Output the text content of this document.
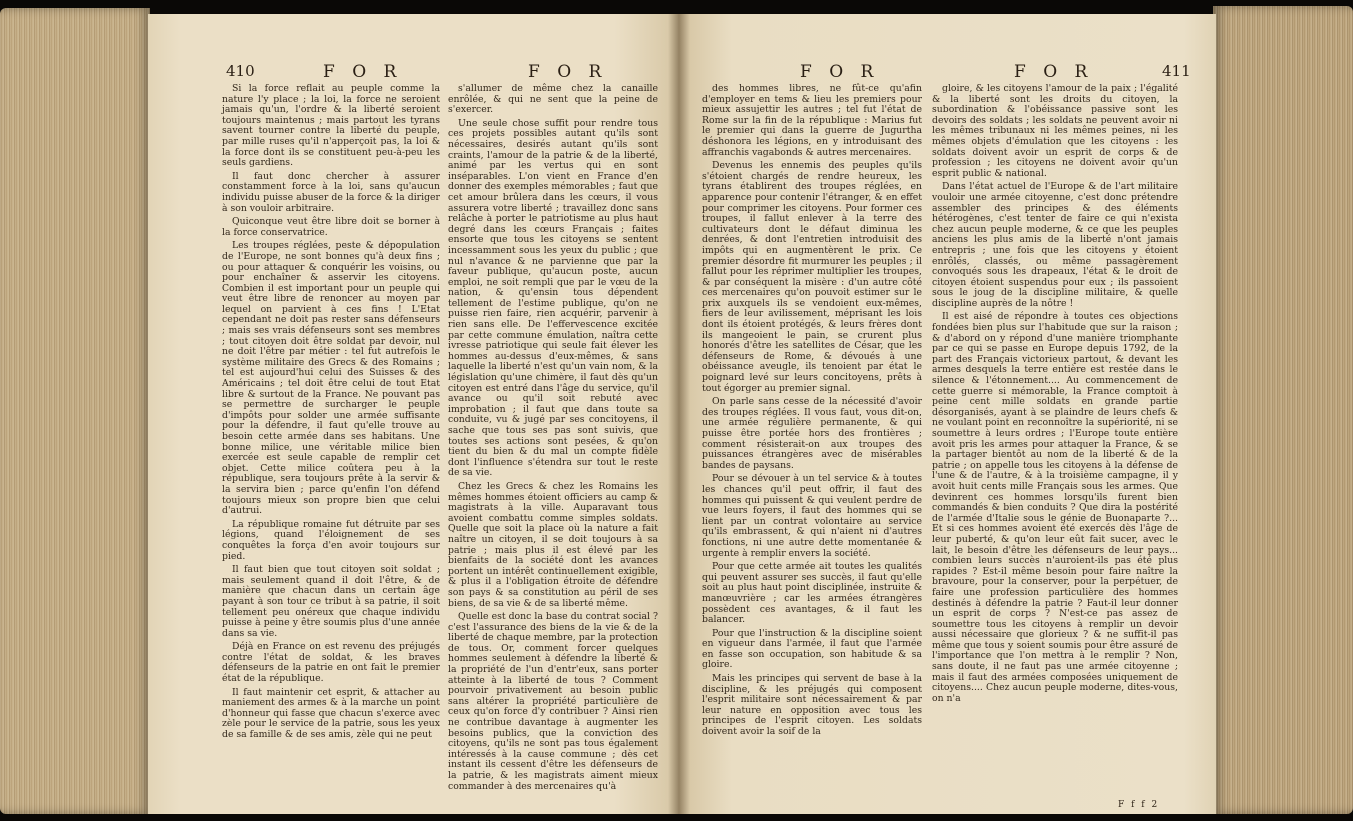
410	F O R	F O R

Si la force reflait au peuple comme la nature l'y place ; la loi, la force ne seroient jamais qu'un, l'ordre & la liberté seroient toujours maintenus ; mais partout les tyrans savent tourner contre la liberté du peuple, par mille ruses qu'il n'apperçoit pas, la loi & la force dont ils se constituent peu-à-peu les seuls gardiens.

Il faut donc chercher à assurer constamment force à la loi, sans qu'aucun individu puisse abuser de la force & la diriger à son vouloir arbitraire.

Quiconque veut être libre doit se borner à la force conservatrice.

Les troupes réglées, peste & dépopulation de l'Europe, ne sont bonnes qu'à deux fins ; ou pour attaquer & conquérir les voisins, ou pour enchaîner & asservir les citoyens. Combien il est important pour un peuple qui veut être libre de renoncer au moyen par lequel on parvient à ces fins ! L'Etat cependant ne doit pas rester sans défenseurs ; mais ses vrais défenseurs sont ses membres ; tout citoyen doit être soldat par devoir, nul ne doit l'être par métier : tel fut autrefois le système militaire des Grecs & des Romains ; tel est aujourd'hui celui des Suisses & des Américains ; tel doit être celui de tout Etat libre & surtout de la France. Ne pouvant pas se permettre de surcharger le peuple d'impôts pour solder une armée suffisante pour la défendre, il faut qu'elle trouve au besoin cette armée dans ses habitans. Une bonne milice, une véritable milice bien exercée est seule capable de remplir cet objet. Cette milice coûtera peu à la république, sera toujours prête à la servir & la servira bien ; parce qu'enfin l'on défend toujours mieux son propre bien que celui d'autrui.

La république romaine fut détruite par ses légions, quand l'éloignement de ses conquêtes la força d'en avoir toujours sur pied.

Il faut bien que tout citoyen soit soldat ; mais seulement quand il doit l'être, & de manière que chacun dans un certain âge payant à son tour ce tribut à sa patrie, il soit tellement peu onéreux que chaque individu puisse à peine y être soumis plus d'une année dans sa vie.

Déjà en France on est revenu des préjugés contre l'état de soldat, & les braves défenseurs de la patrie en ont fait le premier état de la république.

Il faut maintenir cet esprit, & attacher au maniement des armes & à la marche un point d'honneur qui fasse que chacun s'exerce avec zèle pour le service de la patrie, sous les yeux de sa famille & de ses amis, zèle qui ne peut

s'allumer de même chez la canaille enrôlée, & qui ne sent que la peine de s'exercer.

Une seule chose suffit pour rendre tous ces projets possibles autant qu'ils sont nécessaires, desirés autant qu'ils sont craints, l'amour de la patrie & de la liberté, animé par les vertus qui en sont inséparables. L'on vient en France d'en donner des exemples mémorables ; faut que cet amour brûlera dans les cœurs, il vous assurera votre liberté ; travaillez donc sans relâche à porter le patriotisme au plus haut degré dans les cœurs Français ; faites ensorte que tous les citoyens se sentent incessamment sous les yeux du public ; que nul n'avance & ne parvienne que par la faveur publique, qu'aucun poste, aucun emploi, ne soit rempli que par le vœu de la nation, & qu'ensin tous dépendent tellement de l'estime publique, qu'on ne puisse rien faire, rien acquérir, parvenir à rien sans elle. De l'effervescence excitée par cette commune émulation, naîtra cette ivresse patriotique qui seule fait élever les hommes au-dessus d'eux-mêmes, & sans laquelle la liberté n'est qu'un vain nom, & la législation qu'une chimère, il faut dès qu'un citoyen est entré dans l'âge du service, qu'il avance ou qu'il soit rebuté avec improbation ; il faut que dans toute sa conduite, vu & jugé par ses concitoyens, il sache que tous ses pas sont suivis, que toutes ses actions sont pesées, & qu'on tient du bien & du mal un compte fidèle dont l'influence s'étendra sur tout le reste de sa vie.

Chez les Grecs & chez les Romains les mêmes hommes étoient officiers au camp & magistrats à la ville. Auparavant tous avoient combattu comme simples soldats. Quelle que soit la place où la nature a fait naître un citoyen, il se doit toujours à sa patrie ; mais plus il est élevé par les bienfaits de la société dont les avances portent un intérêt continuellement exigible, & plus il a l'obligation étroite de défendre son pays & sa constitution au péril de ses biens, de sa vie & de sa liberté même.

Quelle est donc la base du contrat social ? c'est l'assurance des biens de la vie & de la liberté de chaque membre, par la protection de tous. Or, comment forcer quelques hommes seulement à défendre la liberté & la propriété de l'un d'entr'eux, sans porter atteinte à la liberté de tous ? Comment pourvoir privativement au besoin public sans altérer la propriété particulière de ceux qu'on force d'y contribuer ? Ainsi rien ne contribue davantage à augmenter les besoins publics, que la conviction des citoyens, qu'ils ne sont pas tous également intéressés à la cause commune ; dès cet instant ils cessent d'être les défenseurs de la patrie, & les magistrats aiment mieux commander à des mercenaires qu'à

F O R	F O R	411

des hommes libres, ne fût-ce qu'afin d'employer en tems & lieu les premiers pour mieux assujettir les autres ; tel fut l'état de Rome sur la fin de la république : Marius fut le premier qui dans la guerre de Jugurtha déshonora les légions, en y introduisant des affranchis vagabonds & autres mercenaires.

Devenus les ennemis des peuples qu'ils s'étoient chargés de rendre heureux, les tyrans établirent des troupes réglées, en apparence pour contenir l'étranger, & en effet pour comprimer les citoyens. Pour former ces troupes, il fallut enlever à la terre des cultivateurs dont le défaut diminua les denrées, & dont l'entretien introduisit des impôts qui en augmentèrent le prix. Ce premier désordre fit murmurer les peuples ; il fallut pour les réprimer multiplier les troupes, & par conséquent la misère : d'un autre côté ces mercenaires qu'on pouvoit estimer sur le prix auxquels ils se vendoient eux-mêmes, fiers de leur avilissement, méprisant les lois dont ils étoient protégés, & leurs frères dont ils mangeoient le pain, se crurent plus honorés d'être les satellites de César, que les défenseurs de Rome, & dévoués à une obéissance aveugle, ils tenoient par état le poignard levé sur leurs concitoyens, prêts à tout égorger au premier signal.

On parle sans cesse de la nécessité d'avoir des troupes réglées. Il vous faut, vous dit-on, une armée régulière permanente, & qui puisse être portée hors des frontières ; comment résisterait-on aux troupes des puissances étrangères avec de misérables bandes de paysans.

Pour se dévouer à un tel service & à toutes les chances qu'il peut offrir, il faut des hommes qui puissent & qui veulent perdre de vue leurs foyers, il faut des hommes qui se lient par un contrat volontaire au service qu'ils embrassent, & qui n'aient ni d'autres fonctions, ni une autre dette momentanée & urgente à remplir envers la société.

Pour que cette armée ait toutes les qualités qui peuvent assurer ses succès, il faut qu'elle soit au plus haut point disciplinée, instruite & manœuvrière ; car les armées étrangères possèdent ces avantages, & il faut les balancer.

Pour que l'instruction & la discipline soient en vigueur dans l'armée, il faut que l'armée en fasse son occupation, son habitude & sa gloire.

Mais les principes qui servent de base à la discipline, & les préjugés qui composent l'esprit militaire sont nécessairement & par leur nature en opposition avec tous les principes de l'esprit citoyen. Les soldats doivent avoir la soif de la

gloire, & les citoyens l'amour de la paix ; l'égalité & la liberté sont les droits du citoyen, la subordination & l'obéissance passive sont les devoirs des soldats ; les soldats ne peuvent avoir ni les mêmes tribunaux ni les mêmes peines, ni les mêmes objets d'émulation que les citoyens : les soldats doivent avoir un esprit de corps & de profession ; les citoyens ne doivent avoir qu'un esprit public & national.

Dans l'état actuel de l'Europe & de l'art militaire vouloir une armée citoyenne, c'est donc prétendre assembler des principes & des éléments hétérogènes, c'est tenter de faire ce qui n'exista chez aucun peuple moderne, & ce que les peuples anciens les plus amis de la liberté n'ont jamais entrepris ; une fois que les citoyens y étoient enrôlés, classés, ou même passagèrement convoqués sous les drapeaux, l'état & le droit de citoyen étoient suspendus pour eux ; ils passoient sous le joug de la discipline militaire, & quelle discipline auprès de la nôtre !

Il est aisé de répondre à toutes ces objections fondées bien plus sur l'habitude que sur la raison ; & d'abord on y répond d'une manière triomphante par ce qui se passe en Europe depuis 1792, de la part des Français victorieux partout, & devant les armes desquels la terre entière est restée dans le silence & l'étonnement.... Au commencement de cette guerre si mémorable, la France comptoit à peine cent mille soldats en grande partie désorganisés, ayant à se plaindre de leurs chefs & ne voulant point en reconnoître la supériorité, ni se soumettre à leurs ordres ; l'Europe toute entière avoit pris les armes pour attaquer la France, & se la partager bientôt au nom de la liberté & de la patrie ; on appelle tous les citoyens à la défense de l'une & de l'autre, & à la troisième campagne, il y avoit huit cents mille Français sous les armes. Que devinrent ces hommes lorsqu'ils furent bien commandés & bien conduits ? Que dira la postérité de l'armée d'Italie sous le génie de Buonaparte ?... Et si ces hommes avoient été exercés dès l'âge de leur puberté, & qu'on leur eût fait sucer, avec le lait, le besoin d'être les défenseurs de leur pays... combien leurs succès n'auroient-ils pas été plus rapides ? Est-il même besoin pour faire naître la bravoure, pour la conserver, pour la perpétuer, de faire une profession particulière des hommes destinés à défendre la patrie ? Faut-il leur donner un esprit de corps ? N'est-ce pas assez de soumettre tous les citoyens à remplir un devoir aussi nécessaire que glorieux ? & ne suffit-il pas même que tous y soient soumis pour être assuré de l'importance que l'on mettra à le remplir ? Non, sans doute, il ne faut pas une armée citoyenne ; mais il faut des armées composées uniquement de citoyens.... Chez aucun peuple moderne, dites-vous, on n'a

F f f 2
